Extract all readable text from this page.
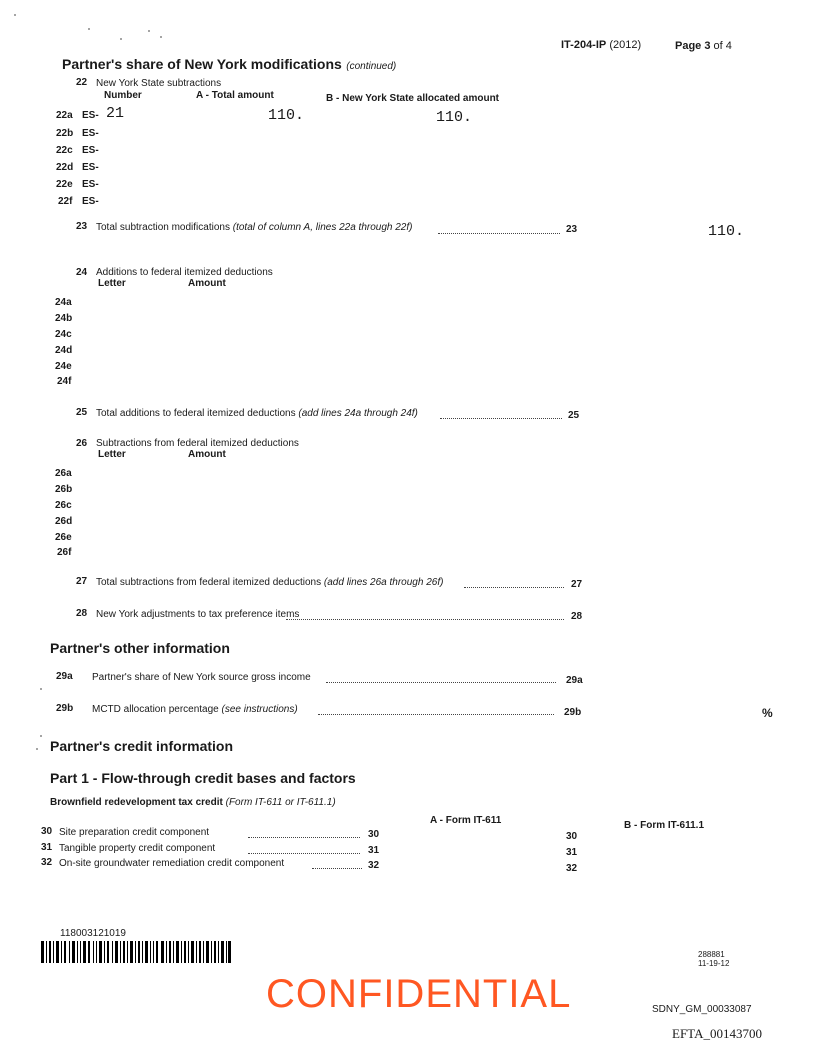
IT-204-IP (2012)	Page 3 of 4
Partner's share of New York modifications (continued)
22 New York State subtractions
Number	A - Total amount	B - New York State allocated amount
22a ES- 21	110.	110.
22b ES-
22c ES-
22d ES-
22e ES-
22f ES-
23 Total subtraction modifications (total of column A, lines 22a through 22f)	23	110.
24 Additions to federal itemized deductions
Letter	Amount
24a
24b
24c
24d
24e
24f
25 Total additions to federal itemized deductions (add lines 24a through 24f)	25
26 Subtractions from federal itemized deductions
Letter	Amount
26a
26b
26c
26d
26e
26f
27 Total subtractions from federal itemized deductions (add lines 26a through 26f)	27
28 New York adjustments to tax preference items	28
Partner's other information
29a Partner's share of New York source gross income	29a
29b MCTD allocation percentage (see instructions)	29b	%
Partner's credit information
Part 1 - Flow-through credit bases and factors
Brownfield redevelopment tax credit (Form IT-611 or IT-611.1)
A - Form IT-611	B - Form IT-611.1
30 Site preparation credit component	30	30
31 Tangible property credit component	31	31
32 On-site groundwater remediation credit component	32	32
118003121019
288881
11-19-12
CONFIDENTIAL	SDNY_GM_00033087
EFTA_00143700
